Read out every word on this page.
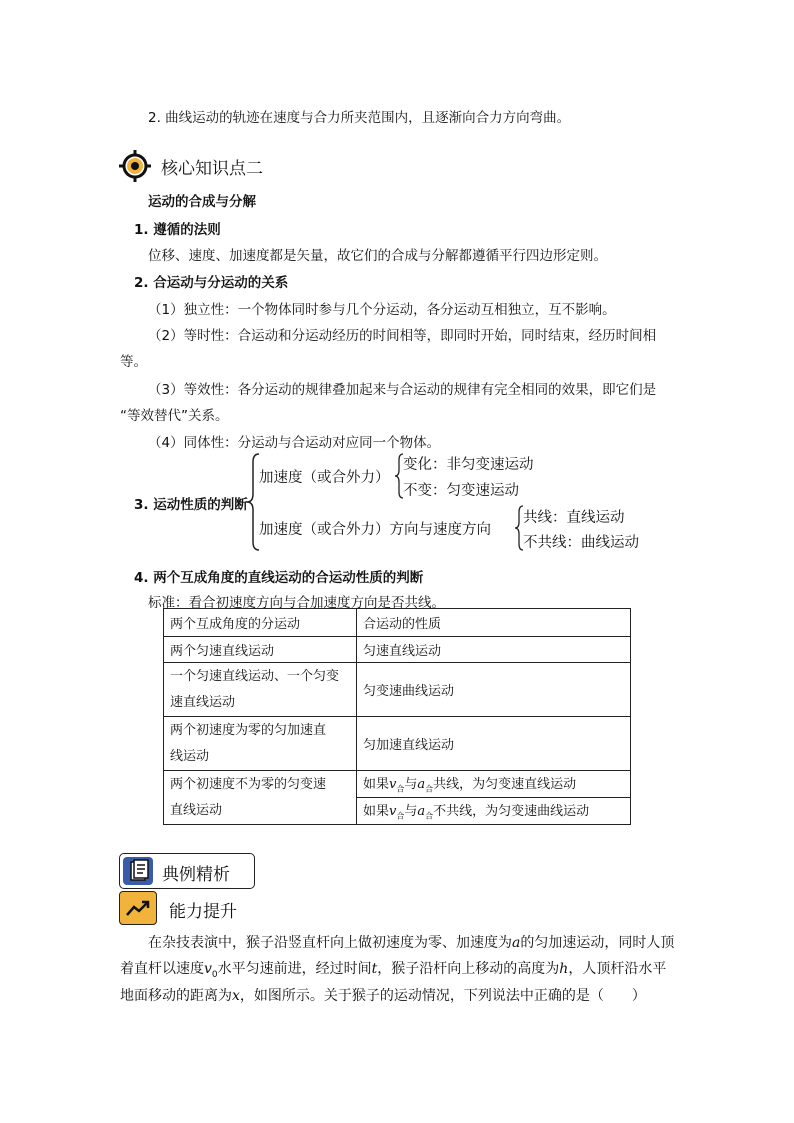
2. 曲线运动的轨迹在速度与合力所夹范围内，且逐渐向合力方向弯曲。
核心知识点二
运动的合成与分解
1. 遵循的法则
位移、速度、加速度都是矢量，故它们的合成与分解都遵循平行四边形定则。
2. 合运动与分运动的关系
（1）独立性：一个物体同时参与几个分运动，各分运动互相独立，互不影响。
（2）等时性：合运动和分运动经历的时间相等，即同时开始，同时结束，经历时间相
等。
（3）等效性：各分运动的规律叠加起来与合运动的规律有完全相同的效果，即它们是
“等效替代”关系。
（4）同体性：分运动与合运动对应同一个物体。
3. 运动性质的判断
加速度（或合外力）
变化：非匀变速运动
不变：匀变速运动
加速度（或合外力）方向与速度方向
共线：直线运动
不共线：曲线运动
4. 两个互成角度的直线运动的合运动性质的判断
标准：看合初速度方向与合加速度方向是否共线。
两个互成角度的分运动	合运动的性质
两个匀速直线运动	匀速直线运动
一个匀速直线运动、一个匀变
速直线运动	匀变速曲线运动
两个初速度为零的匀加速直
线运动	匀加速直线运动
两个初速度不为零的匀变速
直线运动	如果$v_合$与$a_合$共线，为匀变速直线运动
	如果$v_合$与$a_合$不共线，为匀变速曲线运动
典例精析
能力提升
在杂技表演中，猴子沿竖直杆向上做初速度为零、加速度为a的匀加速运动，同时人顶
着直杆以速度$v_0$水平匀速前进，经过时间t，猴子沿杆向上移动的高度为h，人顶杆沿水平
地面移动的距离为x，如图所示。关于猴子的运动情况，下列说法中正确的是（　　）
